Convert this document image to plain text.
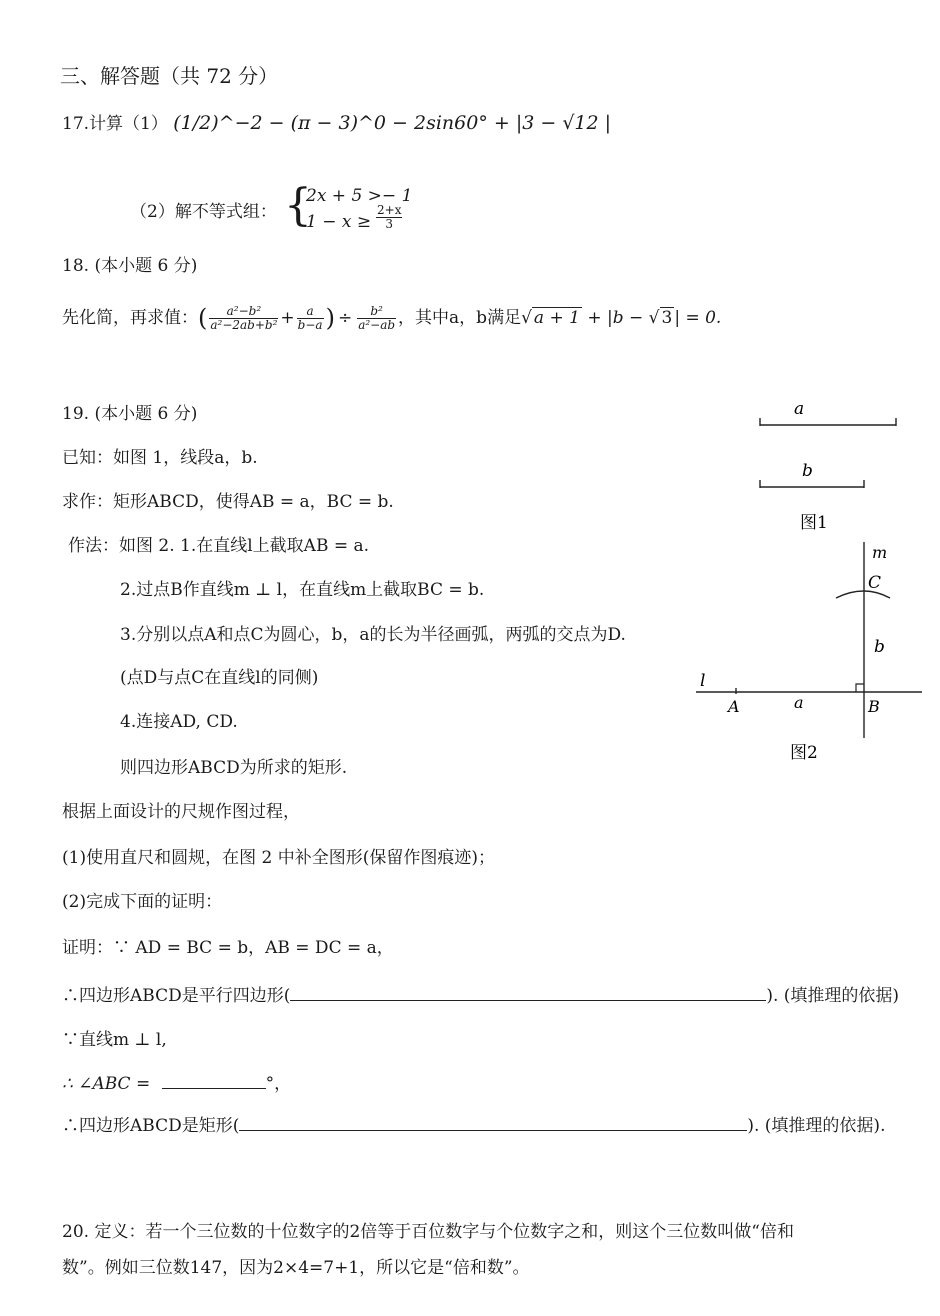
三、解答题（共 72 分）
17.计算（1） (1/2)^−2 − (π − 3)^0 − 2sin60° + |3 − √12 |
（2）解不等式组： {
2x + 5 >− 1
$1 - x \ge \frac{2+x}{3}$
18. (本小题 6 分)
先化简，再求值： ( $\frac{\text{a²−b²}}{\text{a²−2ab+b²}} + \frac{a}{b-a}$ ) ÷ $\frac{\text{b²}}{\text{a²−ab}}$ ，其中a，b满足 √ a + 1 + |b − √ 3 | = 0.
19. (本小题 6 分)
已知：如图 1，线段a，b.
求作：矩形ABCD，使得AB = a，BC = b.
作法：如图 2. 1.在直线l上截取AB = a.
2.过点B作直线m ⊥ l，在直线m上截取BC = b.
3.分别以点A和点C为圆心，b，a的长为半径画弧，两弧的交点为D.
(点D与点C在直线l的同侧)
4.连接AD, CD.
则四边形ABCD为所求的矩形.
根据上面设计的尺规作图过程，
(1)使用直尺和圆规，在图 2 中补全图形(保留作图痕迹)；
(2)完成下面的证明：
证明：∵ AD = BC = b，AB = DC = a，
∴四边形ABCD是平行四边形(	). (填推理的依据)
∵直线m ⊥ l,
∴ ∠ABC =	°，
∴四边形ABCD是矩形(	). (填推理的依据).
a
b
图1
m
C
b
l
A	a	B
图2
20. 定义：若一个三位数的十位数字的2倍等于百位数字与个位数字之和，则这个三位数叫做“倍和
数”。例如三位数147，因为2×4=7+1，所以它是“倍和数”。
